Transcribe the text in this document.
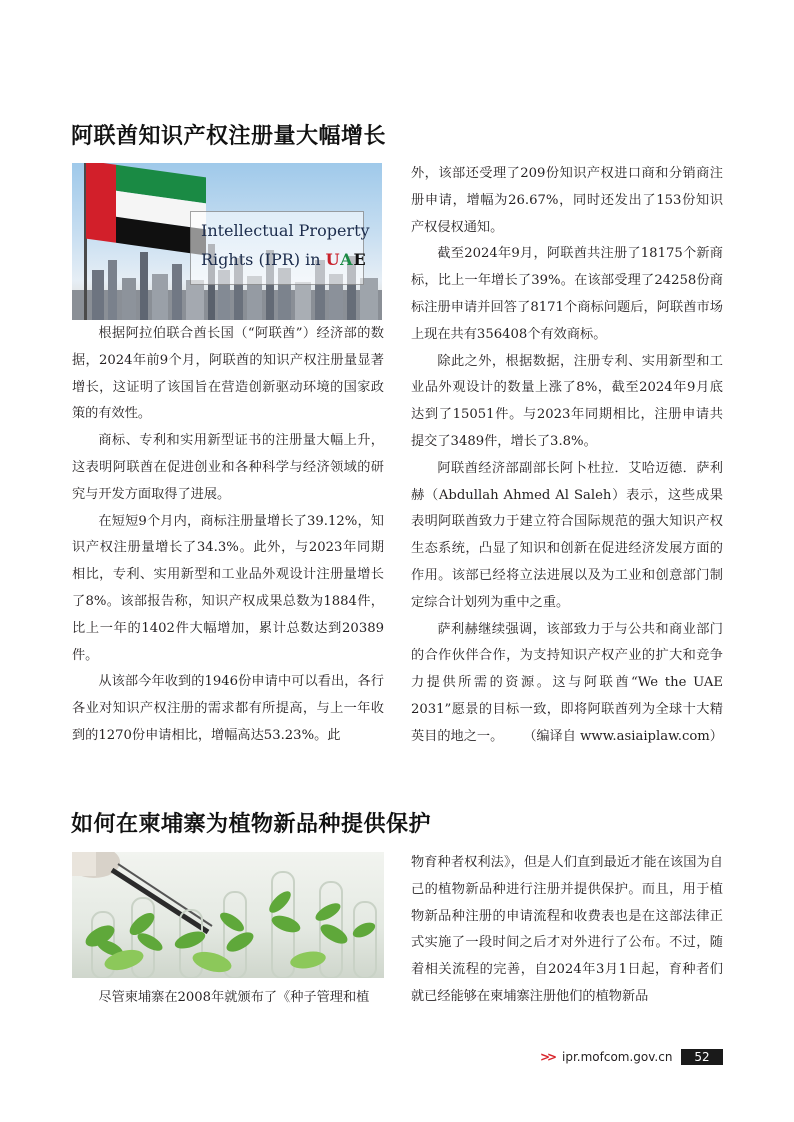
阿联酋知识产权注册量大幅增长
Intellectual Property
Rights (IPR) in UAE

根据阿拉伯联合酋长国（“阿联酋”）经济部的数据，2024年前9个月，阿联酋的知识产权注册量显著增长，这证明了该国旨在营造创新驱动环境的国家政策的有效性。

商标、专利和实用新型证书的注册量大幅上升，这表明阿联酋在促进创业和各种科学与经济领域的研究与开发方面取得了进展。

在短短9个月内，商标注册量增长了39.12%，知识产权注册量增长了34.3%。此外，与2023年同期相比，专利、实用新型和工业品外观设计注册量增长了8%。该部报告称，知识产权成果总数为1884件，比上一年的1402件大幅增加，累计总数达到20389件。

从该部今年收到的1946份申请中可以看出，各行各业对知识产权注册的需求都有所提高，与上一年收到的1270份申请相比，增幅高达53.23%。此

外，该部还受理了209份知识产权进口商和分销商注册申请，增幅为26.67%，同时还发出了153份知识产权侵权通知。

截至2024年9月，阿联酋共注册了18175个新商标，比上一年增长了39%。在该部受理了24258份商标注册申请并回答了8171个商标问题后，阿联酋市场上现在共有356408个有效商标。

除此之外，根据数据，注册专利、实用新型和工业品外观设计的数量上涨了8%，截至2024年9月底达到了15051件。与2023年同期相比，注册申请共提交了3489件，增长了3.8%。

阿联酋经济部副部长阿卜杜拉．艾哈迈德．萨利赫（Abdullah Ahmed Al Saleh）表示，这些成果表明阿联酋致力于建立符合国际规范的强大知识产权生态系统，凸显了知识和创新在促进经济发展方面的作用。该部已经将立法进展以及为工业和创意部门制定综合计划列为重中之重。

萨利赫继续强调，该部致力于与公共和商业部门的合作伙伴合作，为支持知识产权产业的扩大和竞争力提供所需的资源。这与阿联酋“We the UAE 2031”愿景的目标一致，即将阿联酋列为全球十大精英目的地之一。 （编译自 www.asiaiplaw.com）

如何在柬埔寨为植物新品种提供保护

尽管柬埔寨在2008年就颁布了《种子管理和植

物育种者权利法》，但是人们直到最近才能在该国为自己的植物新品种进行注册并提供保护。而且，用于植物新品种注册的申请流程和收费表也是在这部法律正式实施了一段时间之后才对外进行了公布。不过，随着相关流程的完善，自2024年3月1日起，育种者们就已经能够在柬埔寨注册他们的植物新品

>> ipr.mofcom.gov.cn	52
